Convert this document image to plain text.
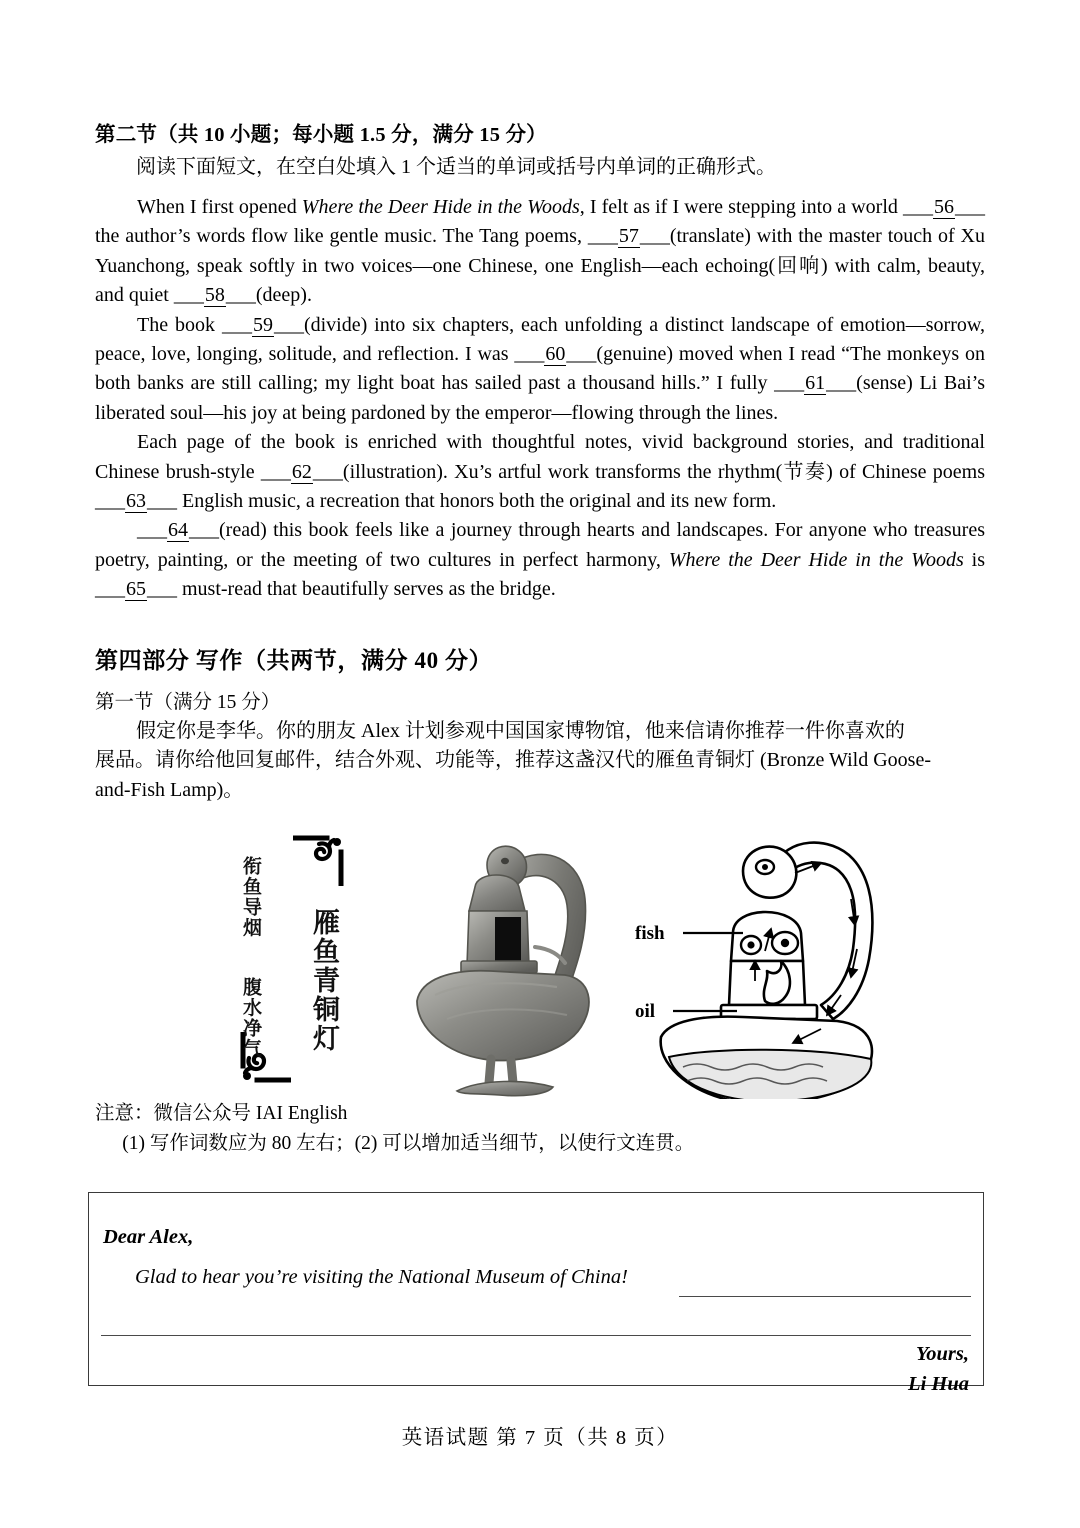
第二节（共 10 小题；每小题 1.5 分，满分 15 分）
阅读下面短文，在空白处填入 1 个适当的单词或括号内单词的正确形式。

When I first opened Where the Deer Hide in the Woods, I felt as if I were stepping into a world ___56___ the author’s words flow like gentle music. The Tang poems, ___57___(translate) with the master touch of Xu Yuanchong, speak softly in two voices—one Chinese, one English—each echoing(回响) with calm, beauty, and quiet ___58___(deep).

The book ___59___(divide) into six chapters, each unfolding a distinct landscape of emotion—sorrow, peace, love, longing, solitude, and reflection. I was ___60___(genuine) moved when I read “The monkeys on both banks are still calling; my light boat has sailed past a thousand hills.” I fully ___61___(sense) Li Bai’s liberated soul—his joy at being pardoned by the emperor—flowing through the lines.

Each page of the book is enriched with thoughtful notes, vivid background stories, and traditional Chinese brush-style ___62___(illustration). Xu’s artful work transforms the rhythm(节奏) of Chinese poems ___63___ English music, a recreation that honors both the original and its new form.

___64___(read) this book feels like a journey through hearts and landscapes. For anyone who treasures poetry, painting, or the meeting of two cultures in perfect harmony, Where the Deer Hide in the Woods is ___65___ must-read that beautifully serves as the bridge.

第四部分 写作（共两节，满分 40 分）
第一节（满分 15 分）
假定你是李华。你的朋友 Alex 计划参观中国国家博物馆，他来信请你推荐一件你喜欢的
展品。请你给他回复邮件，结合外观、功能等，推荐这盏汉代的雁鱼青铜灯 (Bronze Wild Goose-
and-Fish Lamp)。
雁鱼青铜灯
衔鱼导烟 腹水净气
fish
oil
注意：微信公众号 IAI English
(1) 写作词数应为 80 左右；(2) 可以增加适当细节，以使行文连贯。
Dear Alex,
Glad to hear you’re visiting the National Museum of China!
Yours,
Li Hua
英语试题 第 7 页（共 8 页）
